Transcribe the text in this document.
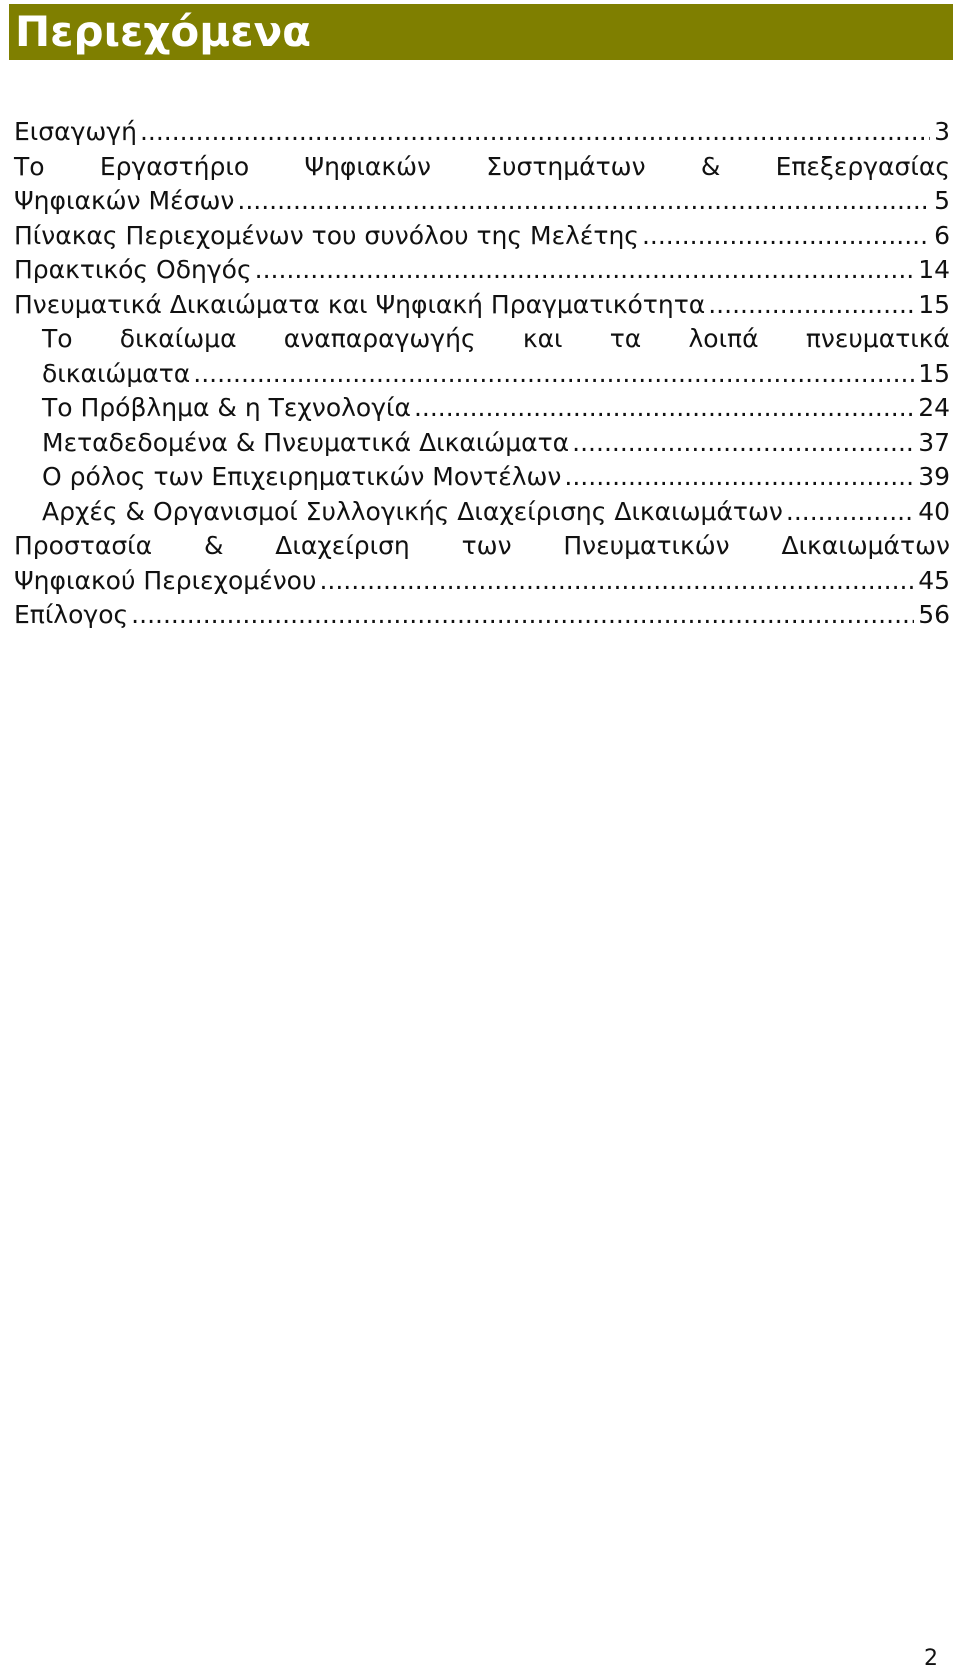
Περιεχόμενα
Εισαγωγή .....	3
Το Εργαστήριο Ψηφιακών Συστημάτων & Επεξεργασίας
Ψηφιακών Μέσων .....	5
Πίνακας Περιεχομένων του συνόλου της Μελέτης .....	6
Πρακτικός Οδηγός .....	14
Πνευματικά Δικαιώματα και Ψηφιακή Πραγματικότητα .....	15
Το δικαίωμα αναπαραγωγής και τα λοιπά πνευματικά
δικαιώματα .....	15
Το Πρόβλημα & η Τεχνολογία .....	24
Μεταδεδομένα & Πνευματικά Δικαιώματα .....	37
Ο ρόλος των Επιχειρηματικών Μοντέλων .....	39
Αρχές & Οργανισμοί Συλλογικής Διαχείρισης Δικαιωμάτων .....	40
Προστασία & Διαχείριση των Πνευματικών Δικαιωμάτων
Ψηφιακού Περιεχομένου .....	45
Επίλογος .....	56
2
